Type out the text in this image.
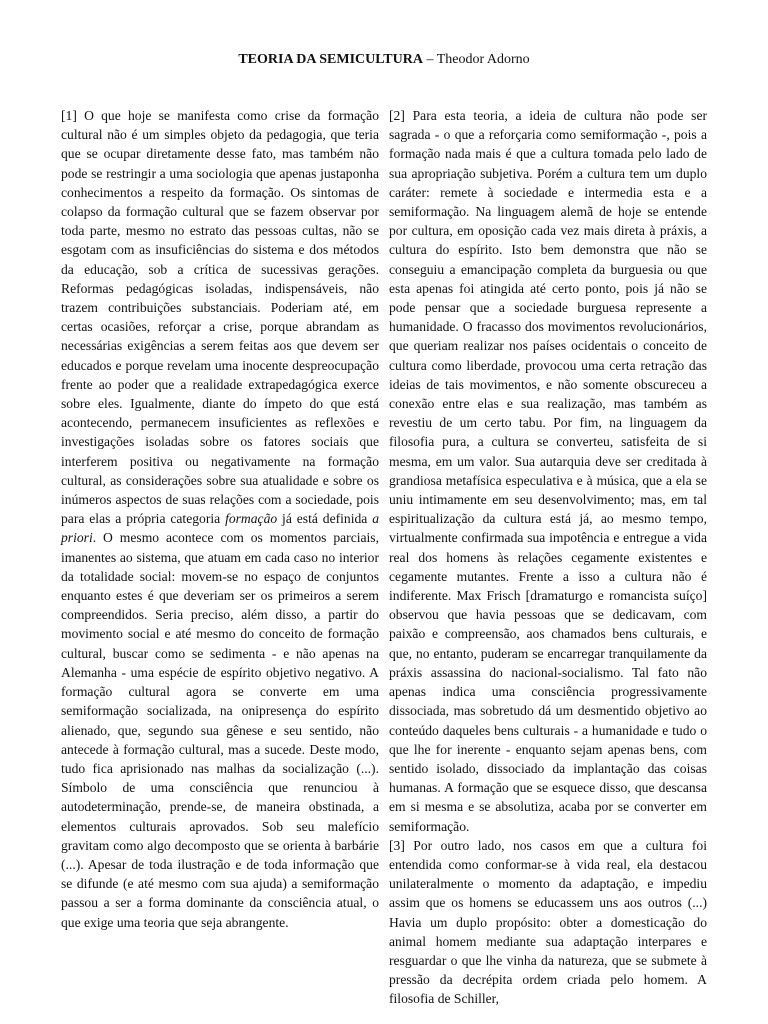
TEORIA DA SEMICULTURA – Theodor Adorno

[1] O que hoje se manifesta como crise da formação cultural não é um simples objeto da pedagogia, que teria que se ocupar diretamente desse fato, mas também não pode se restringir a uma sociologia que apenas justaponha conhecimentos a respeito da formação. Os sintomas de colapso da formação cultural que se fazem observar por toda parte, mesmo no estrato das pessoas cultas, não se esgotam com as insuficiências do sistema e dos métodos da educação, sob a crítica de sucessivas gerações. Reformas pedagógicas isoladas, indispensáveis, não trazem contribuições substanciais. Poderiam até, em certas ocasiões, reforçar a crise, porque abrandam as necessárias exigências a serem feitas aos que devem ser educados e porque revelam uma inocente despreocupação frente ao poder que a realidade extrapedagógica exerce sobre eles. Igualmente, diante do ímpeto do que está acontecendo, permanecem insuficientes as reflexões e investigações isoladas sobre os fatores sociais que interferem positiva ou negativamente na formação cultural, as considerações sobre sua atualidade e sobre os inúmeros aspectos de suas relações com a sociedade, pois para elas a própria categoria formação já está definida a priori. O mesmo acontece com os momentos parciais, imanentes ao sistema, que atuam em cada caso no interior da totalidade social: movem-se no espaço de conjuntos enquanto estes é que deveriam ser os primeiros a serem compreendidos. Seria preciso, além disso, a partir do movimento social e até mesmo do conceito de formação cultural, buscar como se sedimenta - e não apenas na Alemanha - uma espécie de espírito objetivo negativo. A formação cultural agora se converte em uma semiformação socializada, na onipresença do espírito alienado, que, segundo sua gênese e seu sentido, não antecede à formação cultural, mas a sucede. Deste modo, tudo fica aprisionado nas malhas da socialização (...). Símbolo de uma consciência que renunciou à autodeterminação, prende-se, de maneira obstinada, a elementos culturais aprovados. Sob seu malefício gravitam como algo decomposto que se orienta à barbárie (...). Apesar de toda ilustração e de toda informação que se difunde (e até mesmo com sua ajuda) a semiformação passou a ser a forma dominante da consciência atual, o que exige uma teoria que seja abrangente.

[2] Para esta teoria, a ideia de cultura não pode ser sagrada - o que a reforçaria como semiformação -, pois a formação nada mais é que a cultura tomada pelo lado de sua apropriação subjetiva. Porém a cultura tem um duplo caráter: remete à sociedade e intermedia esta e a semiformação. Na linguagem alemã de hoje se entende por cultura, em oposição cada vez mais direta à práxis, a cultura do espírito. Isto bem demonstra que não se conseguiu a emancipação completa da burguesia ou que esta apenas foi atingida até certo ponto, pois já não se pode pensar que a sociedade burguesa represente a humanidade. O fracasso dos movimentos revolucionários, que queriam realizar nos países ocidentais o conceito de cultura como liberdade, provocou uma certa retração das ideias de tais movimentos, e não somente obscureceu a conexão entre elas e sua realização, mas também as revestiu de um certo tabu. Por fim, na linguagem da filosofia pura, a cultura se converteu, satisfeita de si mesma, em um valor. Sua autarquia deve ser creditada à grandiosa metafísica especulativa e à música, que a ela se uniu intimamente em seu desenvolvimento; mas, em tal espiritualização da cultura está já, ao mesmo tempo, virtualmente confirmada sua impotência e entregue a vida real dos homens às relações cegamente existentes e cegamente mutantes. Frente a isso a cultura não é indiferente. Max Frisch [dramaturgo e romancista suíço] observou que havia pessoas que se dedicavam, com paixão e compreensão, aos chamados bens culturais, e que, no entanto, puderam se encarregar tranquilamente da práxis assassina do nacional-socialismo. Tal fato não apenas indica uma consciência progressivamente dissociada, mas sobretudo dá um desmentido objetivo ao conteúdo daqueles bens culturais - a humanidade e tudo o que lhe for inerente - enquanto sejam apenas bens, com sentido isolado, dissociado da implantação das coisas humanas. A formação que se esquece disso, que descansa em si mesma e se absolutiza, acaba por se converter em semiformação.

[3] Por outro lado, nos casos em que a cultura foi entendida como conformar-se à vida real, ela destacou unilateralmente o momento da adaptação, e impediu assim que os homens se educassem uns aos outros (...) Havia um duplo propósito: obter a domesticação do animal homem mediante sua adaptação interpares e resguardar o que lhe vinha da natureza, que se submete à pressão da decrépita ordem criada pelo homem. A filosofia de Schiller,
